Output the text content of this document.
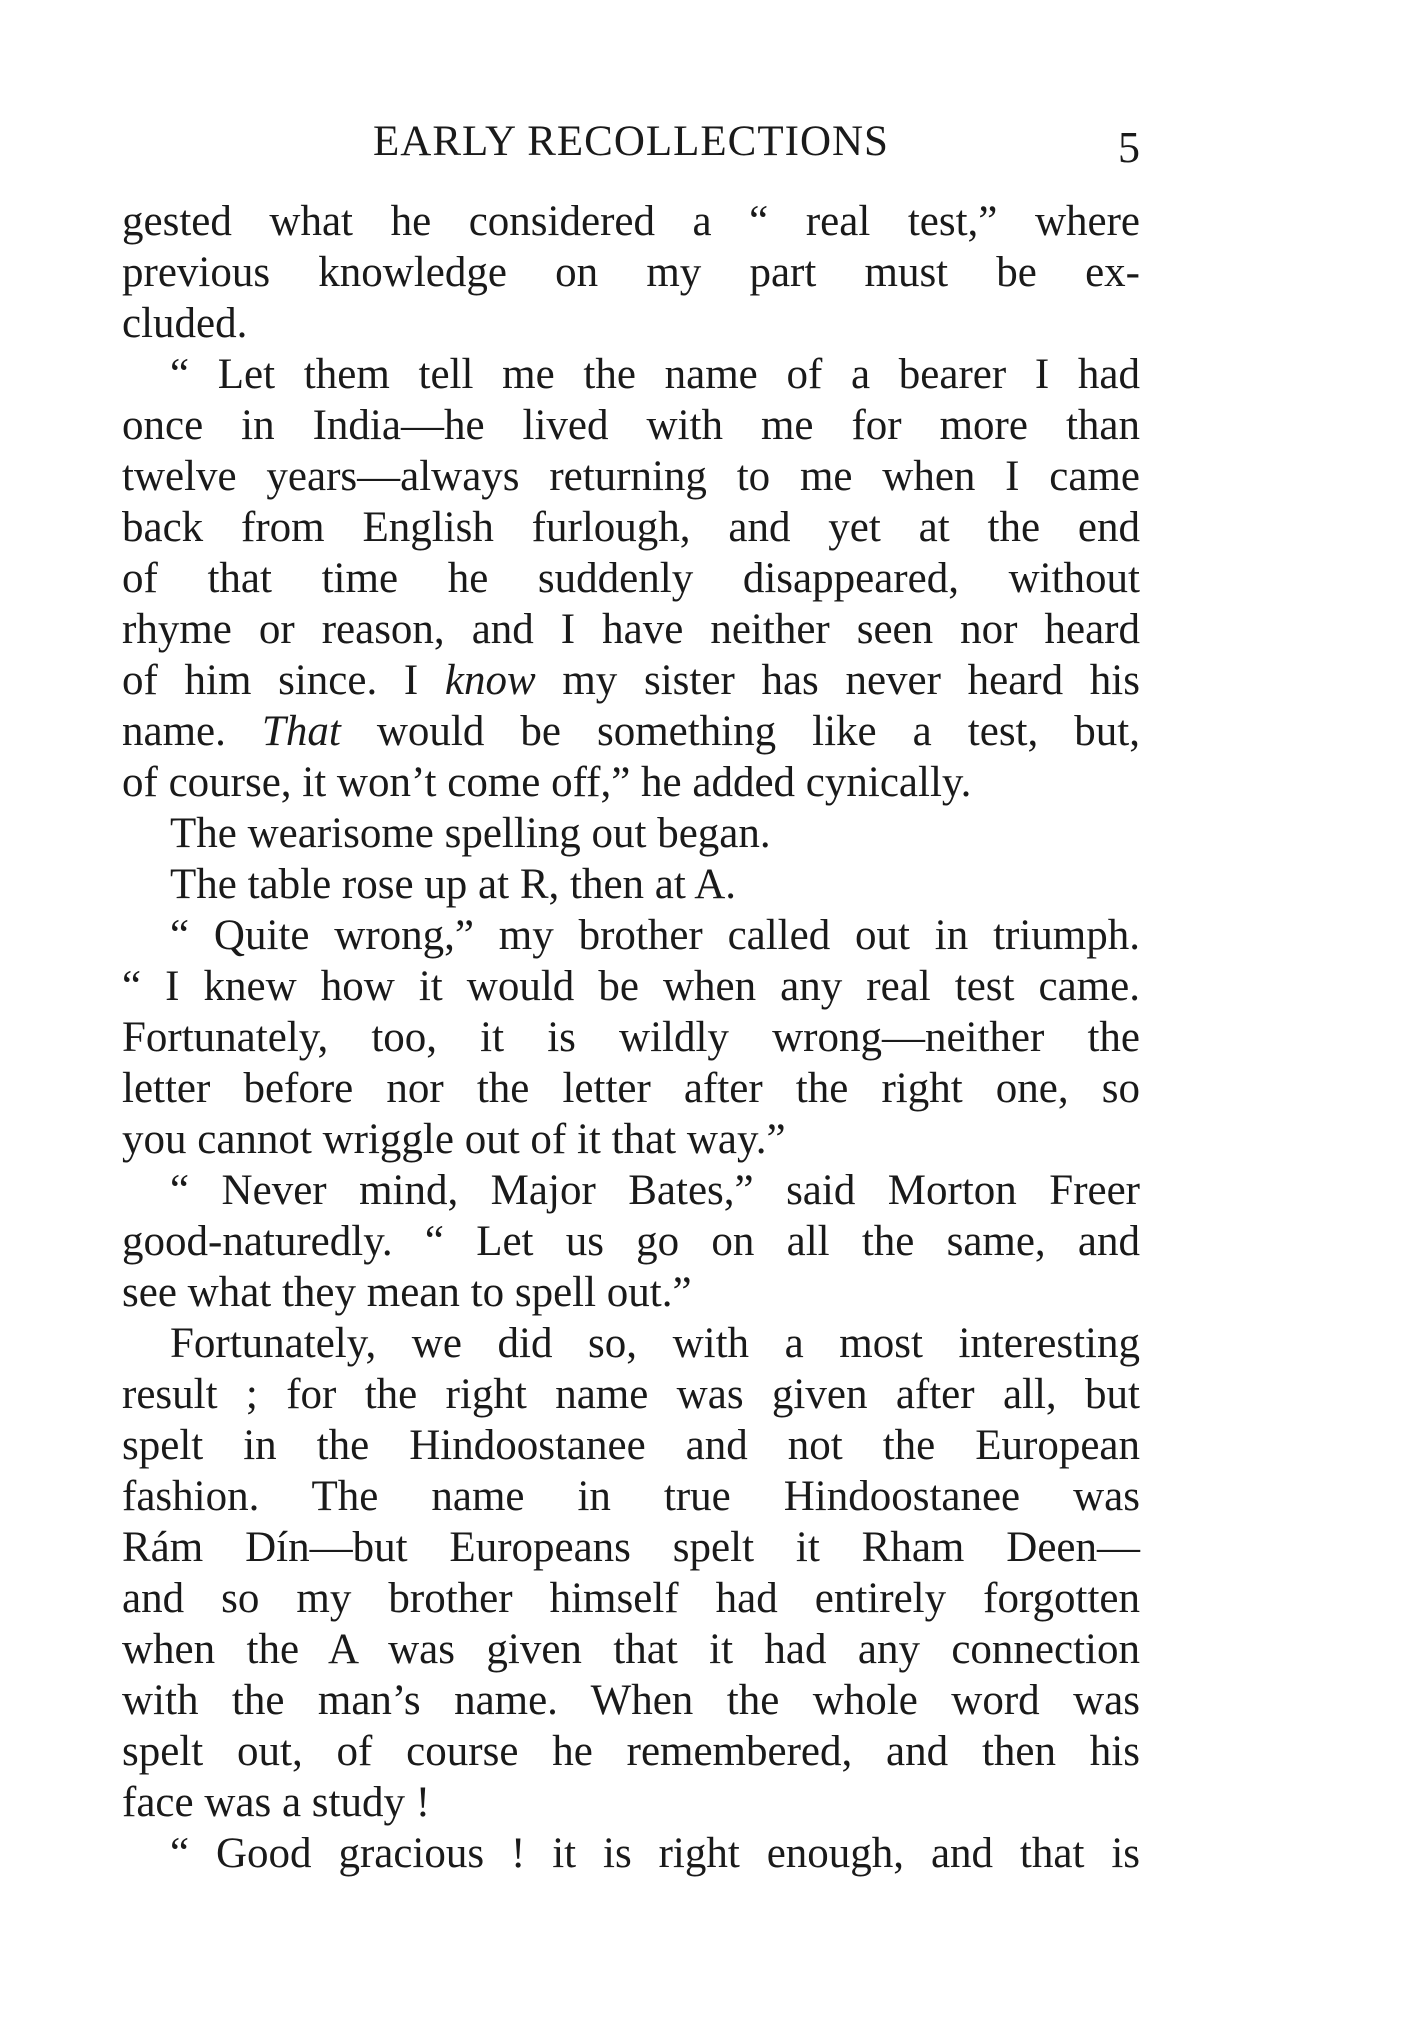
EARLY RECOLLECTIONS	5
gested what he considered a “ real test,” where
previous knowledge on my part must be ex-
cluded.
“ Let them tell me the name of a bearer I had
once in India—he lived with me for more than
twelve years—always returning to me when I came
back from English furlough, and yet at the end
of that time he suddenly disappeared, without
rhyme or reason, and I have neither seen nor heard
of him since. I know my sister has never heard his
name. That would be something like a test, but,
of course, it won’t come off,” he added cynically.
The wearisome spelling out began.
The table rose up at R, then at A.
“ Quite wrong,” my brother called out in triumph.
“ I knew how it would be when any real test came.
Fortunately, too, it is wildly wrong—neither the
letter before nor the letter after the right one, so
you cannot wriggle out of it that way.”
“ Never mind, Major Bates,” said Morton Freer
good-naturedly. “ Let us go on all the same, and
see what they mean to spell out.”
Fortunately, we did so, with a most interesting
result ; for the right name was given after all, but
spelt in the Hindoostanee and not the European
fashion. The name in true Hindoostanee was
Rám Dín—but Europeans spelt it Rham Deen—
and so my brother himself had entirely forgotten
when the A was given that it had any connection
with the man’s name. When the whole word was
spelt out, of course he remembered, and then his
face was a study !
“ Good gracious ! it is right enough, and that is
